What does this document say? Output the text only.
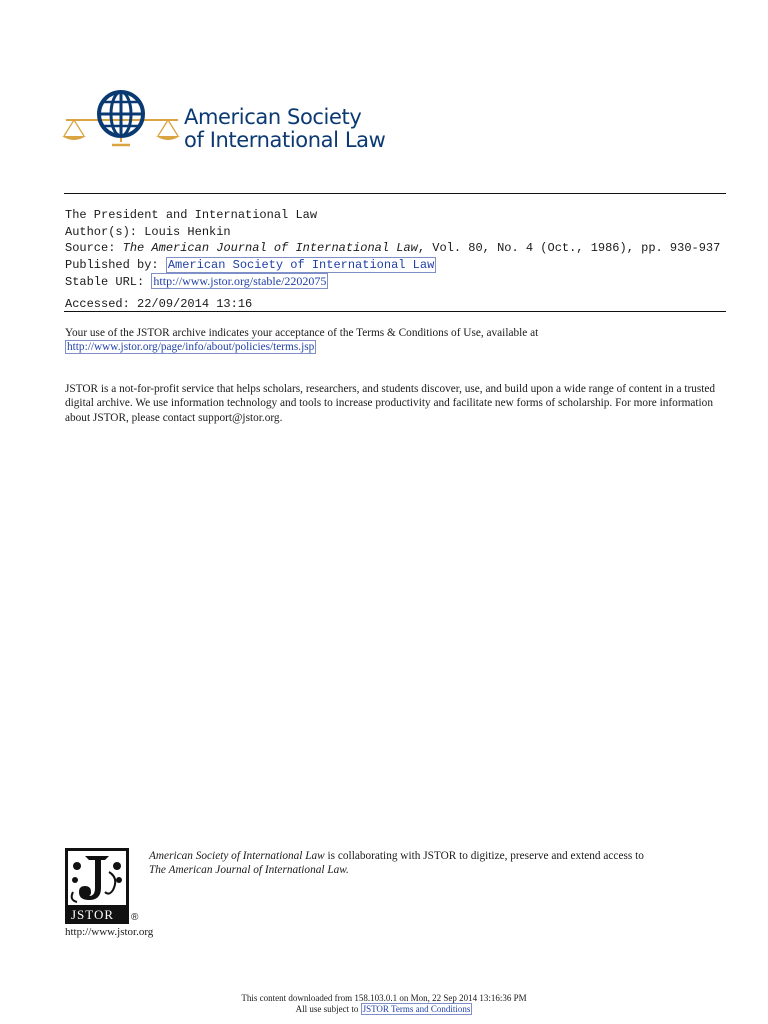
American Society
of International Law
The President and International Law
Author(s): Louis Henkin
Source: The American Journal of International Law, Vol. 80, No. 4 (Oct., 1986), pp. 930-937
Published by: American Society of International Law
Stable URL: http://www.jstor.org/stable/2202075
Accessed: 22/09/2014 13:16
Your use of the JSTOR archive indicates your acceptance of the Terms & Conditions of Use, available at
http://www.jstor.org/page/info/about/policies/terms.jsp
JSTOR is a not-for-profit service that helps scholars, researchers, and students discover, use, and build upon a wide range of content in a trusted digital archive. We use information technology and tools to increase productivity and facilitate new forms of scholarship. For more information about JSTOR, please contact support@jstor.org.
JSTOR ®
http://www.jstor.org
American Society of International Law is collaborating with JSTOR to digitize, preserve and extend access to
The American Journal of International Law.
This content downloaded from 158.103.0.1 on Mon, 22 Sep 2014 13:16:36 PM
All use subject to JSTOR Terms and Conditions
